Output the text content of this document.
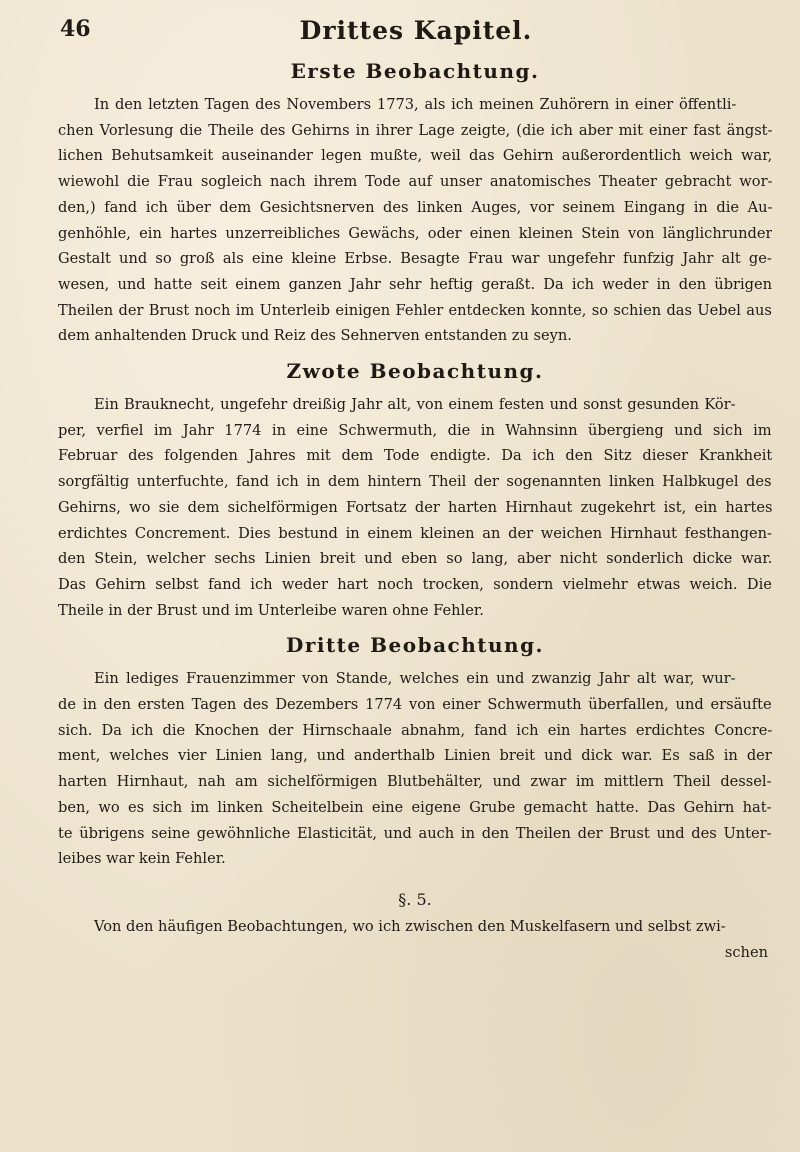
46	Drittes Kapitel.
Erste Beobachtung.
In den letzten Tagen des Novembers 1773, als ich meinen Zuhörern in einer öffentli-
chen Vorlesung die Theile des Gehirns in ihrer Lage zeigte, (die ich aber mit einer fast ängst-
lichen Behutsamkeit auseinander legen mußte, weil das Gehirn außerordentlich weich war,
wiewohl die Frau sogleich nach ihrem Tode auf unser anatomisches Theater gebracht wor-
den,) fand ich über dem Gesichtsnerven des linken Auges, vor seinem Eingang in die Au-
genhöhle, ein hartes unzerreibliches Gewächs, oder einen kleinen Stein von länglichrunder
Gestalt und so groß als eine kleine Erbse. Besagte Frau war ungefehr funfzig Jahr alt ge-
wesen, und hatte seit einem ganzen Jahr sehr heftig geraßt. Da ich weder in den übrigen
Theilen der Brust noch im Unterleib einigen Fehler entdecken konnte, so schien das Uebel aus
dem anhaltenden Druck und Reiz des Sehnerven entstanden zu seyn.
Zwote Beobachtung.
Ein Brauknecht, ungefehr dreißig Jahr alt, von einem festen und sonst gesunden Kör-
per, verfiel im Jahr 1774 in eine Schwermuth, die in Wahnsinn übergieng und sich im
Februar des folgenden Jahres mit dem Tode endigte. Da ich den Sitz dieser Krankheit
sorgfältig unterfuchte, fand ich in dem hintern Theil der sogenannten linken Halbkugel des
Gehirns, wo sie dem sichelförmigen Fortsatz der harten Hirnhaut zugekehrt ist, ein hartes
erdichtes Concrement. Dies bestund in einem kleinen an der weichen Hirnhaut festhangen-
den Stein, welcher sechs Linien breit und eben so lang, aber nicht sonderlich dicke war.
Das Gehirn selbst fand ich weder hart noch trocken, sondern vielmehr etwas weich. Die
Theile in der Brust und im Unterleibe waren ohne Fehler.
Dritte Beobachtung.
Ein lediges Frauenzimmer von Stande, welches ein und zwanzig Jahr alt war, wur-
de in den ersten Tagen des Dezembers 1774 von einer Schwermuth überfallen, und ersäufte
sich. Da ich die Knochen der Hirnschaale abnahm, fand ich ein hartes erdichtes Concre-
ment, welches vier Linien lang, und anderthalb Linien breit und dick war. Es saß in der
harten Hirnhaut, nah am sichelförmigen Blutbehälter, und zwar im mittlern Theil dessel-
ben, wo es sich im linken Scheitelbein eine eigene Grube gemacht hatte. Das Gehirn hat-
te übrigens seine gewöhnliche Elasticität, und auch in den Theilen der Brust und des Unter-
leibes war kein Fehler.
§. 5.
Von den häufigen Beobachtungen, wo ich zwischen den Muskelfasern und selbst zwi-
schen
